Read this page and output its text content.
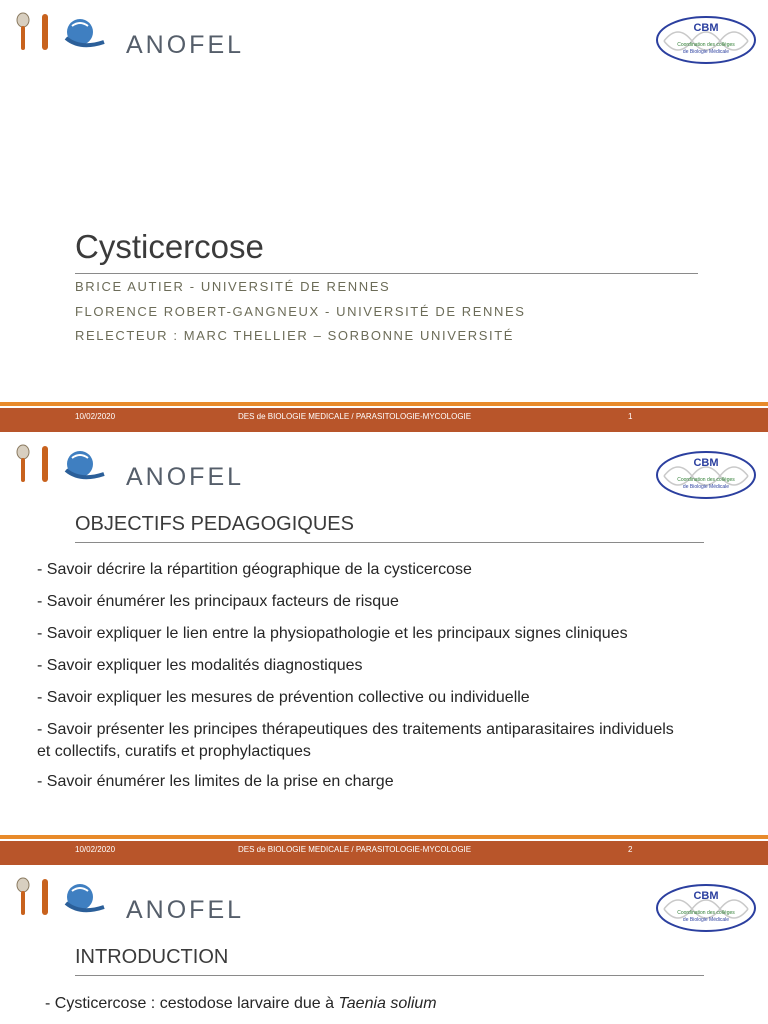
ANOFEL
CBM
Coordination des collèges
de Biologie Médicale
Cysticercose
BRICE AUTIER - UNIVERSITÉ DE RENNES
FLORENCE ROBERT-GANGNEUX - UNIVERSITÉ DE RENNES
RELECTEUR : MARC THELLIER – SORBONNE UNIVERSITÉ
10/02/2020	DES de BIOLOGIE MEDICALE / PARASITOLOGIE-MYCOLOGIE	1
ANOFEL	CBM
Coordination des collèges
de Biologie Médicale
OBJECTIFS PEDAGOGIQUES
- Savoir décrire la répartition géographique de la cysticercose
- Savoir énumérer les principaux facteurs de risque
- Savoir expliquer le lien entre la physiopathologie et les principaux signes cliniques
- Savoir expliquer les modalités diagnostiques
- Savoir expliquer les mesures de prévention collective ou individuelle
- Savoir présenter les principes thérapeutiques des traitements antiparasitaires individuels et collectifs, curatifs et prophylactiques
- Savoir énumérer les limites de la prise en charge
10/02/2020	DES de BIOLOGIE MEDICALE / PARASITOLOGIE-MYCOLOGIE	2
ANOFEL	CBM
Coordination des collèges
de Biologie Médicale
INTRODUCTION
- Cysticercose : cestodose larvaire due à Taenia solium
